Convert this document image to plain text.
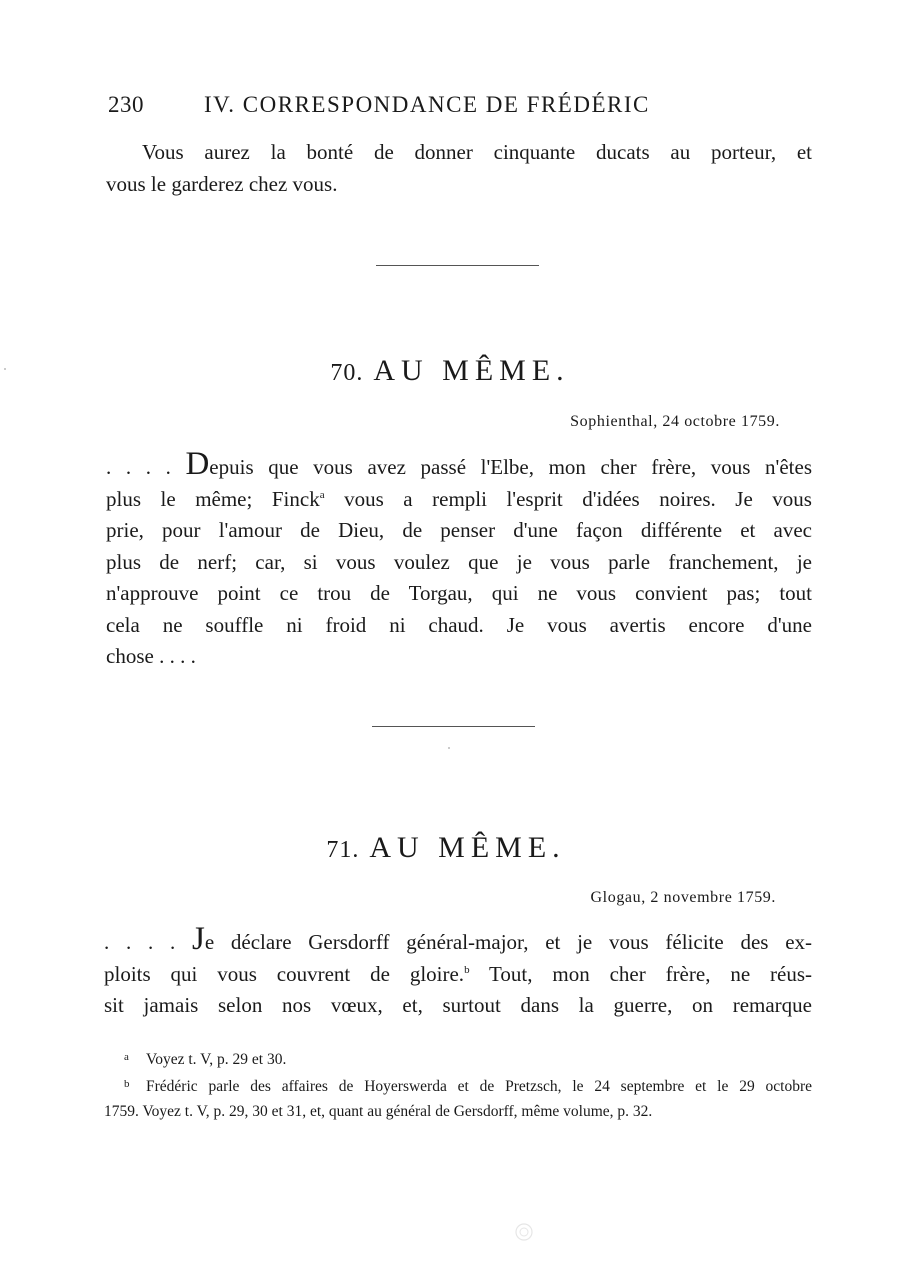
230	IV. CORRESPONDANCE DE FRÉDÉRIC
Vous aurez la bonté de donner cinquante ducats au porteur, et
vous le garderez chez vous.
70. AU MÊME.
Sophienthal, 24 octobre 1759.
. . . . Depuis que vous avez passé l'Elbe, mon cher frère, vous n'êtes
plus le même; Finck$^a$ vous a rempli l'esprit d'idées noires. Je vous
prie, pour l'amour de Dieu, de penser d'une façon différente et avec
plus de nerf; car, si vous voulez que je vous parle franchement, je
n'approuve point ce trou de Torgau, qui ne vous convient pas; tout
cela ne souffle ni froid ni chaud. Je vous avertis encore d'une
chose . . . .
71. AU MÊME.
Glogau, 2 novembre 1759.
. . . . Je déclare Gersdorff général-major, et je vous félicite des ex-
ploits qui vous couvrent de gloire.$^b$ Tout, mon cher frère, ne réus-
sit jamais selon nos vœux, et, surtout dans la guerre, on remarque
a Voyez t. V, p. 29 et 30.
b Frédéric parle des affaires de Hoyerswerda et de Pretzsch, le 24 septembre et le 29 octobre
1759. Voyez t. V, p. 29, 30 et 31, et, quant au général de Gersdorff, même volume, p. 32.
